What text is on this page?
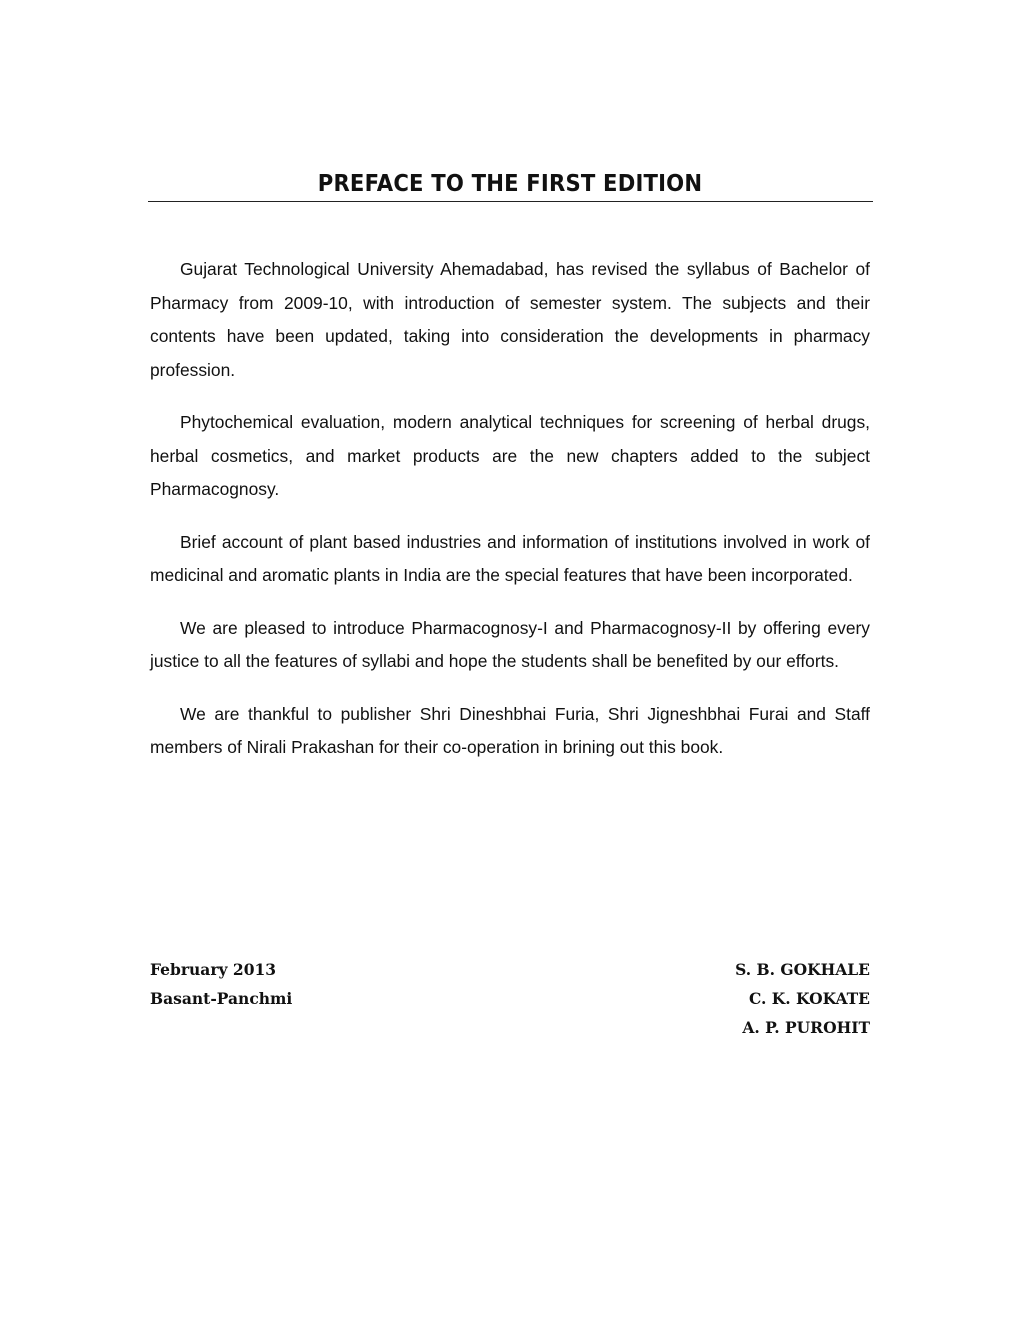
PREFACE TO THE FIRST EDITION

Gujarat Technological University Ahemadabad, has revised the syllabus of Bachelor of Pharmacy from 2009-10, with introduction of semester system. The subjects and their contents have been updated, taking into consideration the developments in pharmacy profession.

Phytochemical evaluation, modern analytical techniques for screening of herbal drugs, herbal cosmetics, and market products are the new chapters added to the subject Pharmacognosy.

Brief account of plant based industries and information of institutions involved in work of medicinal and aromatic plants in India are the special features that have been incorporated.

We are pleased to introduce Pharmacognosy-I and Pharmacognosy-II by offering every justice to all the features of syllabi and hope the students shall be benefited by our efforts.

We are thankful to publisher Shri Dineshbhai Furia, Shri Jigneshbhai Furai and Staff members of Nirali Prakashan for their co-operation in brining out this book.

February 2013
Basant-Panchmi
S. B. GOKHALE
C. K. KOKATE
A. P. PUROHIT
